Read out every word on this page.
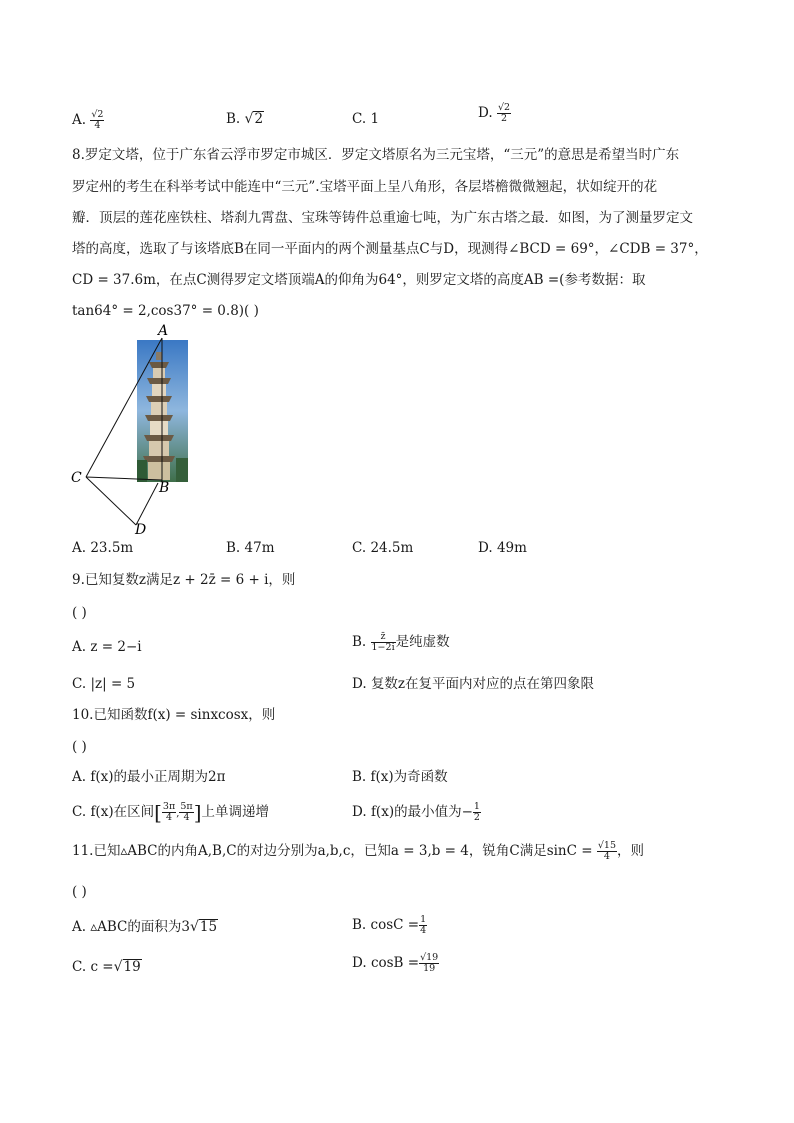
A. $\frac{√2}{4}$	B. √2	C. 1	D. $\frac{√2}{2}$
8.罗定文塔，位于广东省云浮市罗定市城区．罗定文塔原名为三元宝塔，“三元”的意思是希望当时广东
罗定州的考生在科举考试中能连中“三元”.宝塔平面上呈八角形，各层塔檐微微翘起，状如绽开的花
瓣．顶层的莲花座铁柱、塔刹九霄盘、宝珠等铸件总重逾七吨，为广东古塔之最．如图，为了测量罗定文
塔的高度，选取了与该塔底B在同一平面内的两个测量基点C与D，现测得∠BCD = 69°，∠CDB = 37°，
CD = 37.6m，在点C测得罗定文塔顶端A的仰角为64°，则罗定文塔的高度AB =(参考数据：取
tan64° = 2,cos37° = 0.8)( )
A
C
B
D
A. 23.5m	B. 47m	C. 24.5m	D. 49m
9.已知复数z满足z + 2z̄ = 6 + i，则
( )
A. z = 2−i	B. $\frac{z̄}{1-2i}$ 是纯虚数
C. |z| = 5	D. 复数z在复平面内对应的点在第四象限
10.已知函数f(x) = sinxcosx，则
( )
A. f(x)的最小正周期为2π	B. f(x)为奇函数
C. f(x)在区间[ $\frac{3\pi}{4}$ , $\frac{5\pi}{4}$ ]上单调递增	D. f(x)的最小值为− $\frac{1}{2}$
11.已知▵ABC的内角A,B,C的对边分别为a,b,c，已知a = 3,b = 4，锐角C满足$\sin C = \frac{√15}{4}$ ，则
( )
A. ▵ABC的面积为3√15	B. $\cos C = \frac{1}{4}$
C. c =√19	D. $\cos B = \frac{√19}{19}$
